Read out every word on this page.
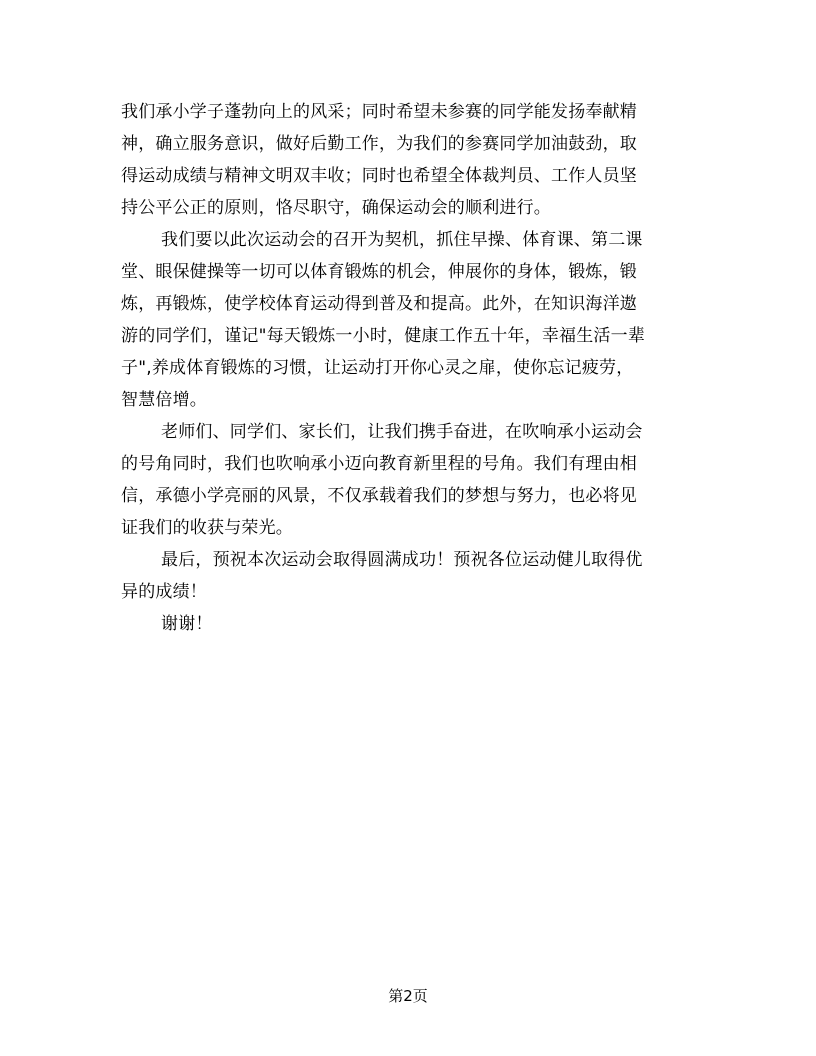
我们承小学子蓬勃向上的风采；同时希望未参赛的同学能发扬奉献精
神，确立服务意识，做好后勤工作，为我们的参赛同学加油鼓劲，取
得运动成绩与精神文明双丰收；同时也希望全体裁判员、工作人员坚
持公平公正的原则，恪尽职守，确保运动会的顺利进行。
我们要以此次运动会的召开为契机，抓住早操、体育课、第二课
堂、眼保健操等一切可以体育锻炼的机会，伸展你的身体，锻炼，锻
炼，再锻炼，使学校体育运动得到普及和提高。此外，在知识海洋遨
游的同学们，谨记"每天锻炼一小时，健康工作五十年，幸福生活一辈
子",养成体育锻炼的习惯，让运动打开你心灵之扉，使你忘记疲劳，
智慧倍增。
老师们、同学们、家长们，让我们携手奋进，在吹响承小运动会
的号角同时，我们也吹响承小迈向教育新里程的号角。我们有理由相
信，承德小学亮丽的风景，不仅承载着我们的梦想与努力，也必将见
证我们的收获与荣光。
最后，预祝本次运动会取得圆满成功！预祝各位运动健儿取得优
异的成绩！
谢谢！
第2页
